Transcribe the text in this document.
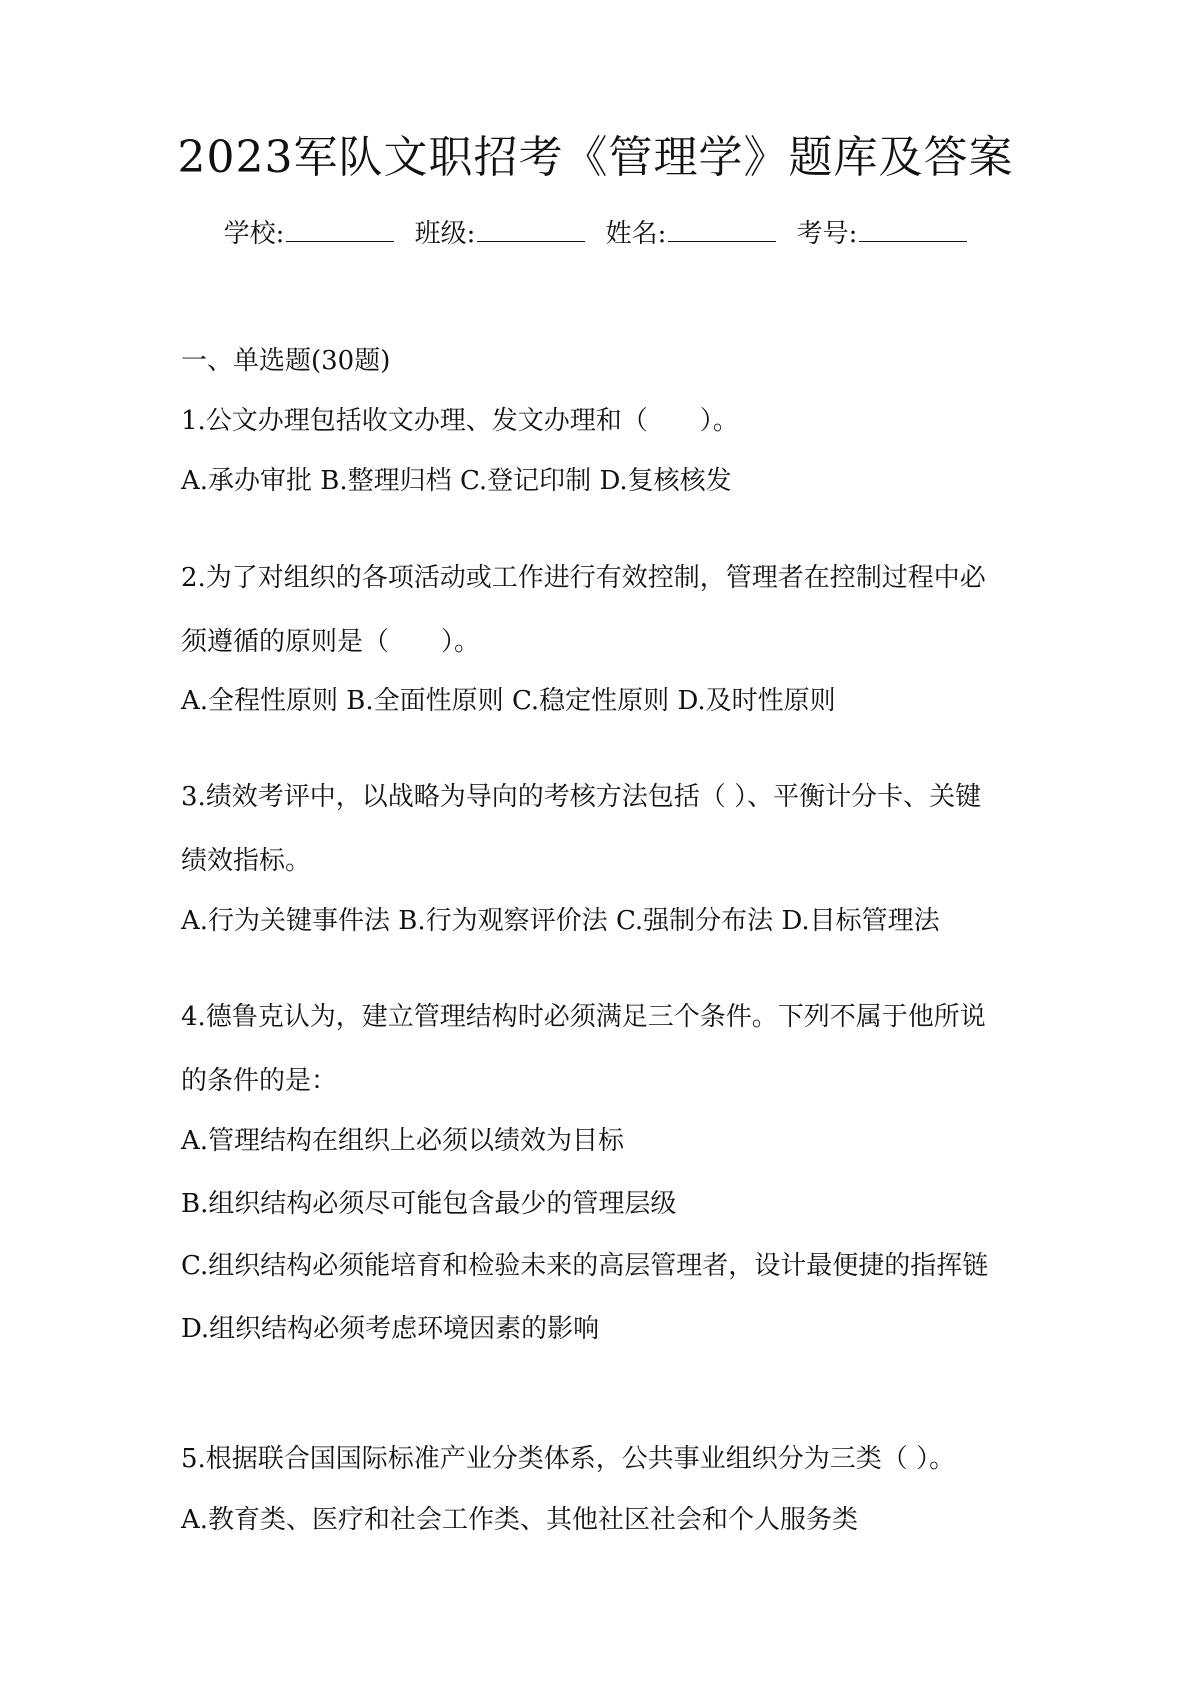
2023军队文职招考《管理学》题库及答案
学校:	班级:	姓名:	考号:
一、单选题(30题)
1.公文办理包括收文办理、发文办理和（　　）。
A.承办审批 B.整理归档 C.登记印制 D.复核核发
2.为了对组织的各项活动或工作进行有效控制，管理者在控制过程中必
须遵循的原则是（　　）。
A.全程性原则 B.全面性原则 C.稳定性原则 D.及时性原则
3.绩效考评中，以战略为导向的考核方法包括（ ）、平衡计分卡、关键
绩效指标。
A.行为关键事件法 B.行为观察评价法 C.强制分布法 D.目标管理法
4.德鲁克认为，建立管理结构时必须满足三个条件。下列不属于他所说
的条件的是：
A.管理结构在组织上必须以绩效为目标
B.组织结构必须尽可能包含最少的管理层级
C.组织结构必须能培育和检验未来的高层管理者，设计最便捷的指挥链
D.组织结构必须考虑环境因素的影响
5.根据联合国国际标准产业分类体系，公共事业组织分为三类（ ）。
A.教育类、医疗和社会工作类、其他社区社会和个人服务类
